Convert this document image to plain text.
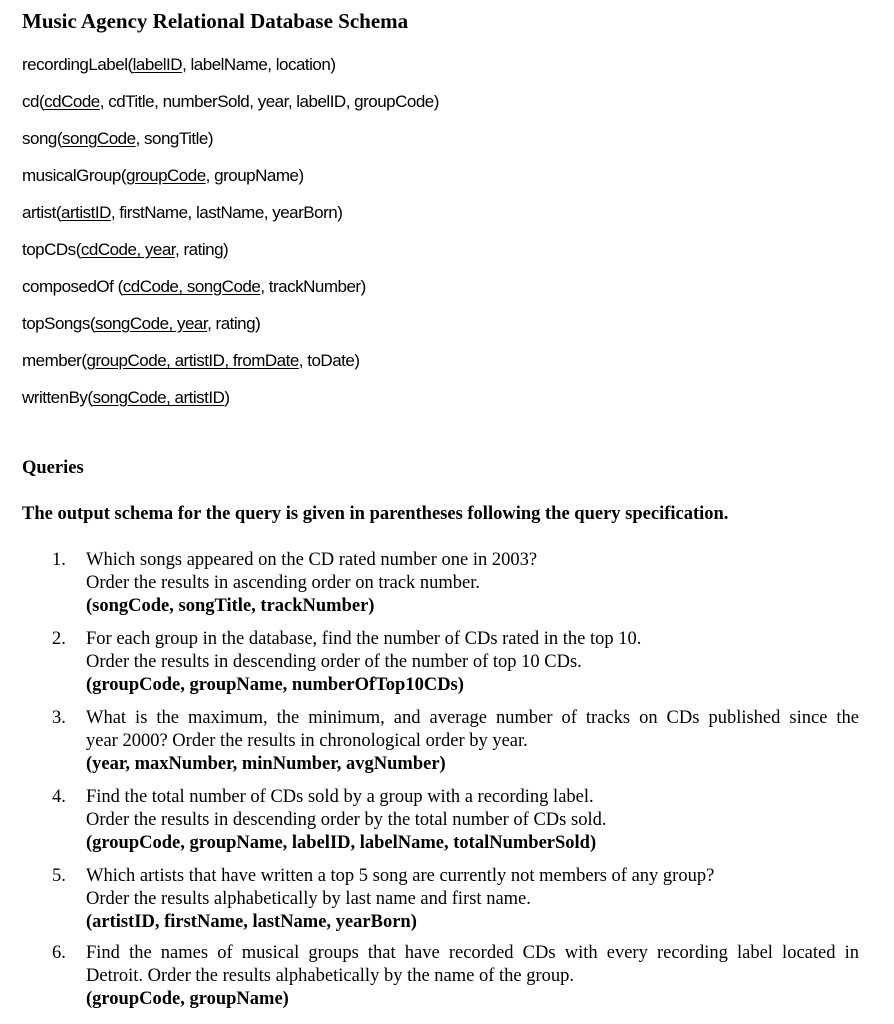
Music Agency Relational Database Schema
recordingLabel(labelID, labelName, location)
cd(cdCode, cdTitle, numberSold, year, labelID, groupCode)
song(songCode, songTitle)
musicalGroup(groupCode, groupName)
artist(artistID, firstName, lastName, yearBorn)
topCDs(cdCode, year, rating)
composedOf (cdCode, songCode, trackNumber)
topSongs(songCode, year, rating)
member(groupCode, artistID, fromDate, toDate)
writtenBy(songCode, artistID)
Queries

The output schema for the query is given in parentheses following the query specification.

1. Which songs appeared on the CD rated number one in 2003?
Order the results in ascending order on track number.
(songCode, songTitle, trackNumber)
2. For each group in the database, find the number of CDs rated in the top 10.
Order the results in descending order of the number of top 10 CDs.
(groupCode, groupName, numberOfTop10CDs)
3. What is the maximum, the minimum, and average number of tracks on CDs published since the
year 2000? Order the results in chronological order by year.
(year, maxNumber, minNumber, avgNumber)
4. Find the total number of CDs sold by a group with a recording label.
Order the results in descending order by the total number of CDs sold.
(groupCode, groupName, labelID, labelName, totalNumberSold)
5. Which artists that have written a top 5 song are currently not members of any group?
Order the results alphabetically by last name and first name.
(artistID, firstName, lastName, yearBorn)
6. Find the names of musical groups that have recorded CDs with every recording label located in
Detroit. Order the results alphabetically by the name of the group.
(groupCode, groupName)
